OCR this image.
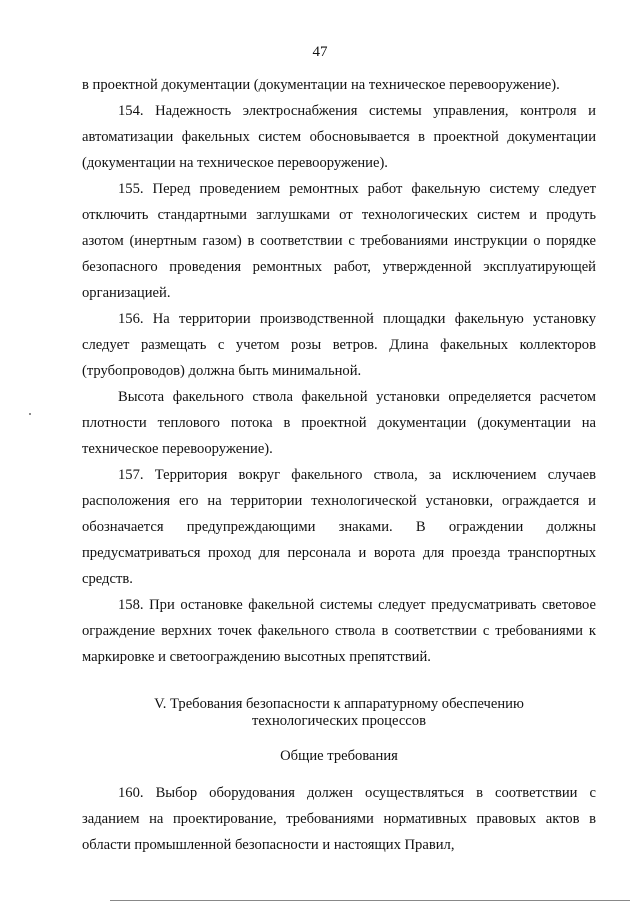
47

в проектной документации (документации на техническое перевооружение).

154. Надежность электроснабжения системы управления, контроля и автоматизации факельных систем обосновывается в проектной документации (документации на техническое перевооружение).

155. Перед проведением ремонтных работ факельную систему следует отключить стандартными заглушками от технологических систем и продуть азотом (инертным газом) в соответствии с требованиями инструкции о порядке безопасного проведения ремонтных работ, утвержденной эксплуатирующей организацией.

156. На территории производственной площадки факельную установку следует размещать с учетом розы ветров. Длина факельных коллекторов (трубопроводов) должна быть минимальной.

Высота факельного ствола факельной установки определяется расчетом плотности теплового потока в проектной документации (документации на техническое перевооружение).

157. Территория вокруг факельного ствола, за исключением случаев расположения его на территории технологической установки, ограждается и обозначается предупреждающими знаками. В ограждении должны предусматриваться проход для персонала и ворота для проезда транспортных средств.

158. При остановке факельной системы следует предусматривать световое ограждение верхних точек факельного ствола в соответствии с требованиями к маркировке и светоограждению высотных препятствий.

V. Требования безопасности к аппаратурному обеспечению
технологических процессов
Общие требования

160. Выбор оборудования должен осуществляться в соответствии с заданием на проектирование, требованиями нормативных правовых актов в области промышленной безопасности и настоящих Правил,
